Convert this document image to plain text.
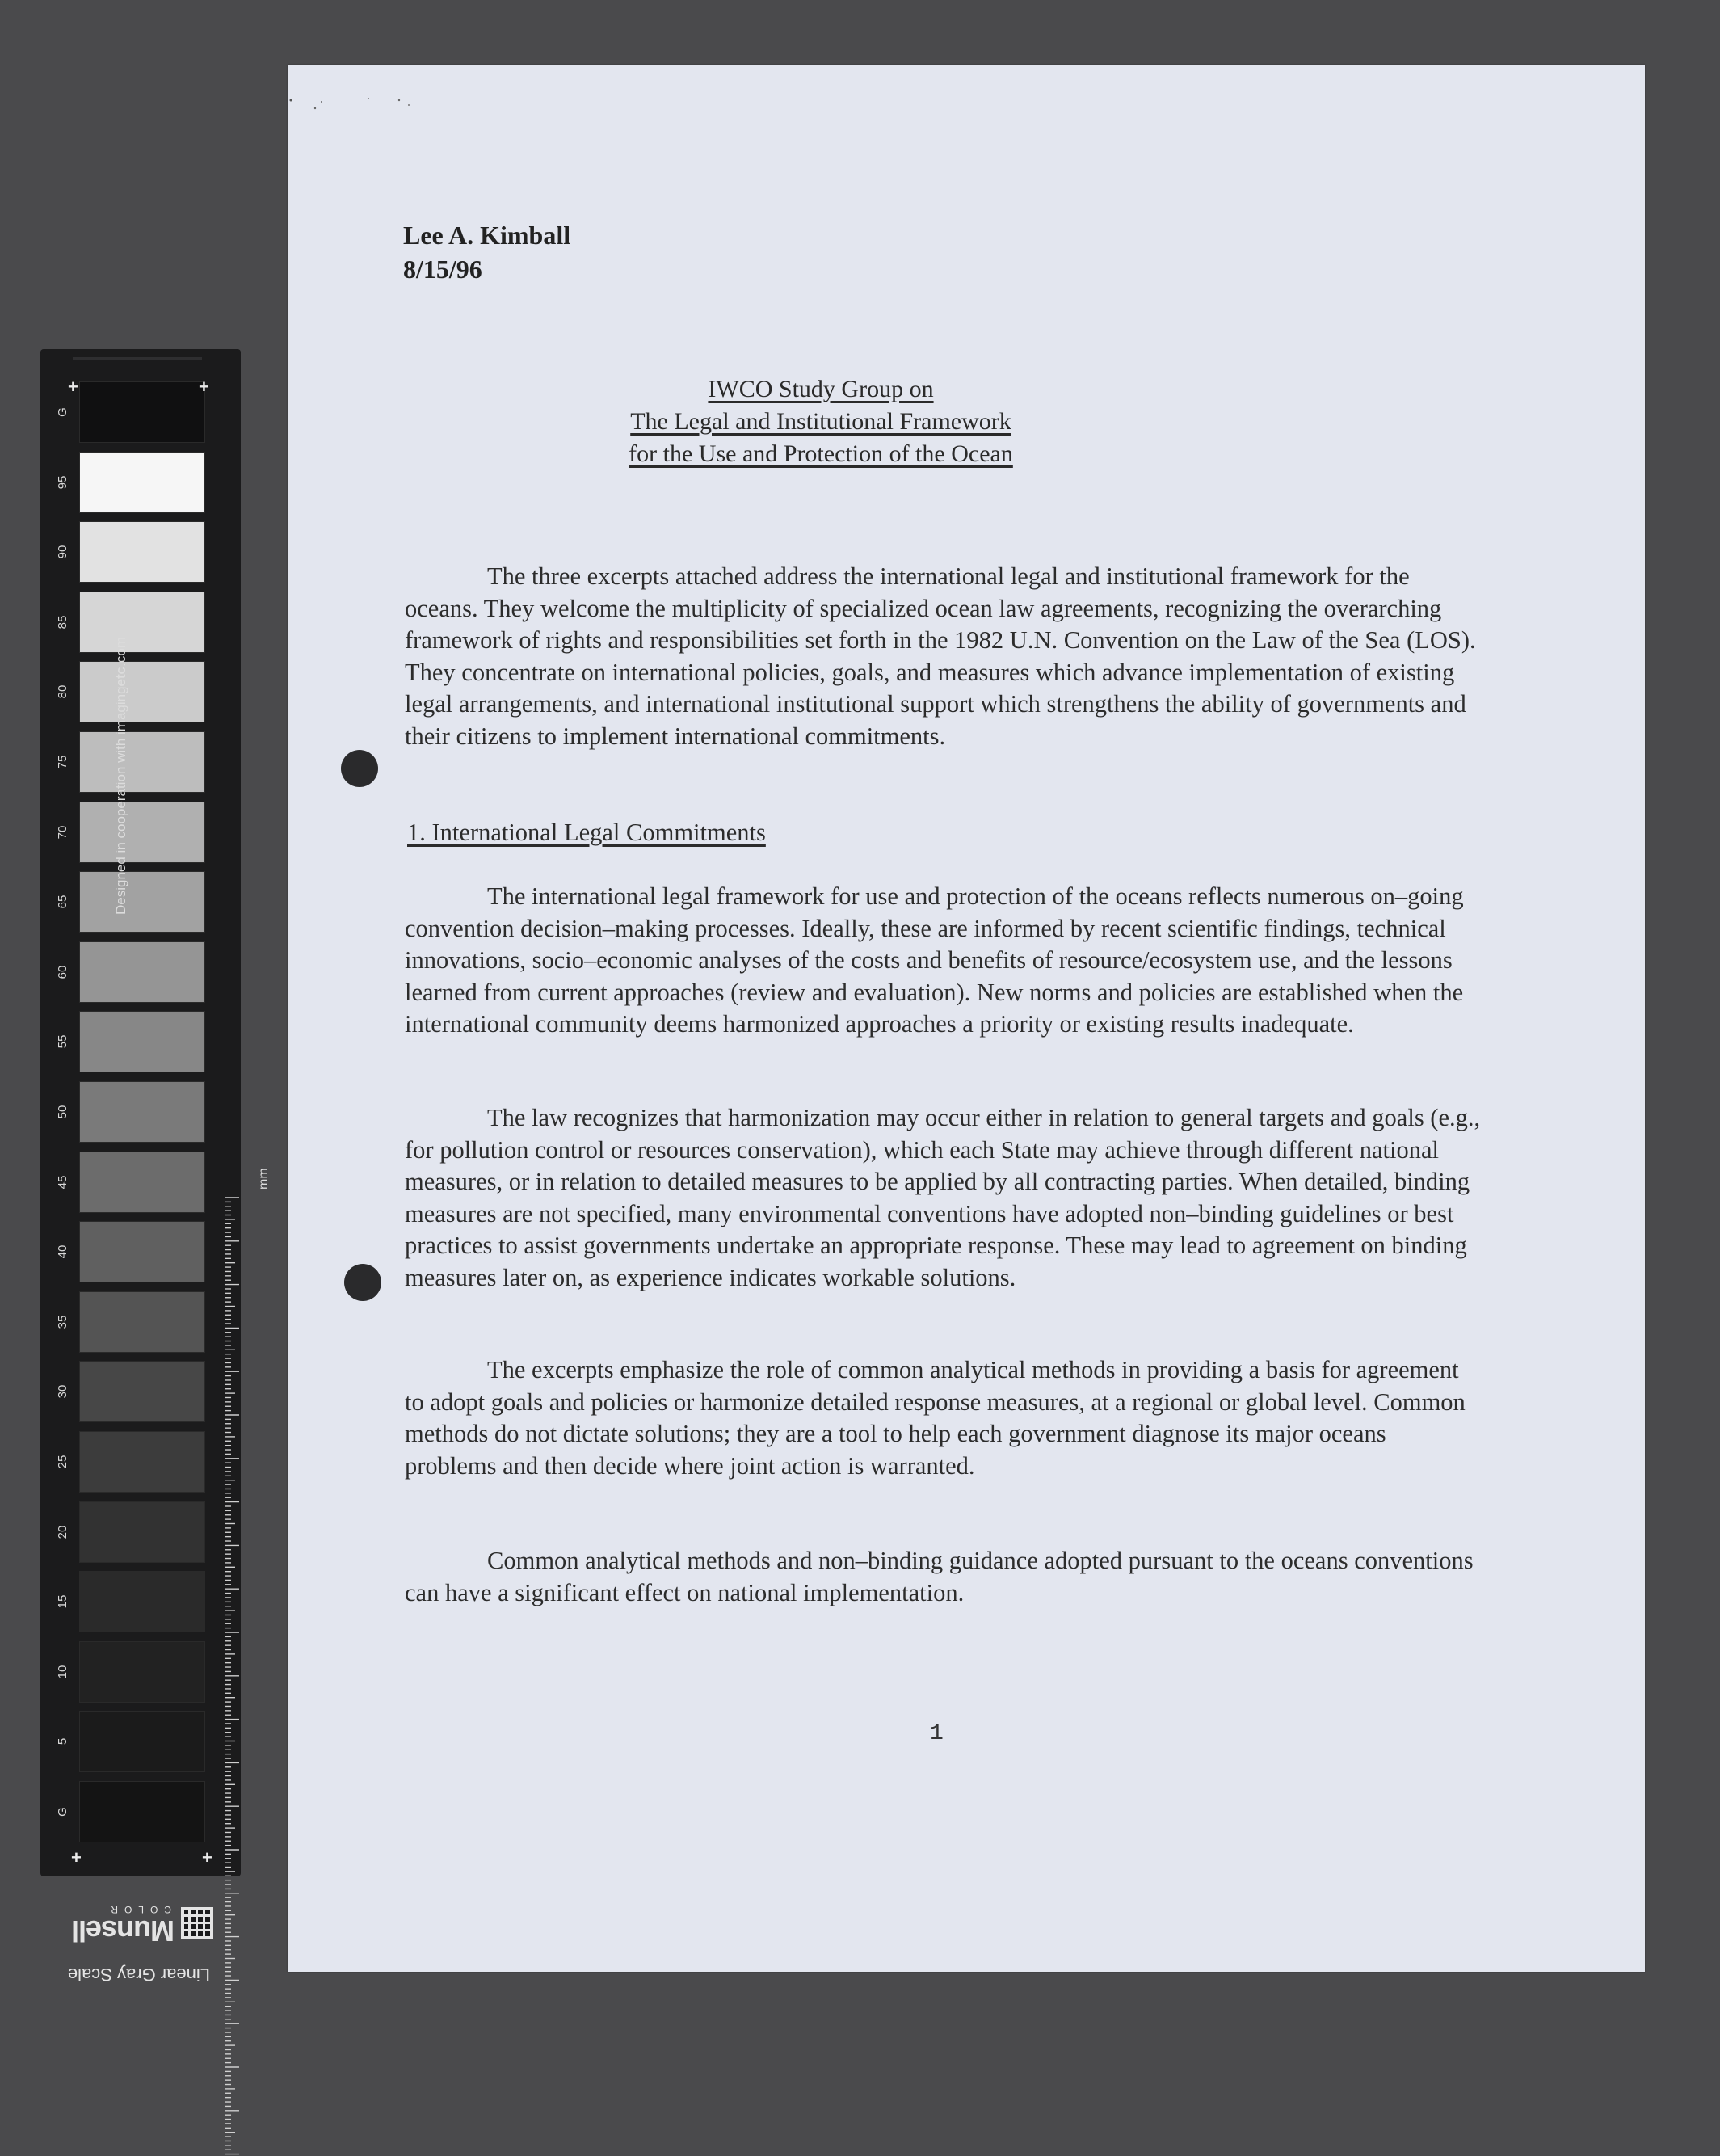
G
95
90
85
80
75
70
65
60
55
50
45
40
35
30
25
20
15
10
5
G
+	+
+	+
Designed in cooperation with imagingetc.com
mm
Linear Gray Scale
Munsell
COLOR
Lee A. Kimball
8/15/96
IWCO Study Group on
The Legal and Institutional Framework
for the Use and Protection of the Ocean

The three excerpts attached address the international legal and institutional framework for the oceans. They welcome the multiplicity of specialized ocean law agreements, recognizing the overarching framework of rights and responsibilities set forth in the 1982 U.N. Convention on the Law of the Sea (LOS). They concentrate on international policies, goals, and measures which advance implementation of existing legal arrangements, and international institutional support which strengthens the ability of governments and their citizens to implement international commitments.

1. International Legal Commitments

The international legal framework for use and protection of the oceans reflects numerous on–going convention decision–making processes. Ideally, these are informed by recent scientific findings, technical innovations, socio–economic analyses of the costs and benefits of resource/ecosystem use, and the lessons learned from current approaches (review and evaluation). New norms and policies are established when the international community deems harmonized approaches a priority or existing results inadequate.

The law recognizes that harmonization may occur either in relation to general targets and goals (e.g., for pollution control or resources conservation), which each State may achieve through different national measures, or in relation to detailed measures to be applied by all contracting parties. When detailed, binding measures are not specified, many environmental conventions have adopted non–binding guidelines or best practices to assist governments undertake an appropriate response. These may lead to agreement on binding measures later on, as experience indicates workable solutions.

The excerpts emphasize the role of common analytical methods in providing a basis for agreement to adopt goals and policies or harmonize detailed response measures, at a regional or global level. Common methods do not dictate solutions; they are a tool to help each government diagnose its major oceans problems and then decide where joint action is warranted.

Common analytical methods and non–binding guidance adopted pursuant to the oceans conventions can have a significant effect on national implementation.

1
